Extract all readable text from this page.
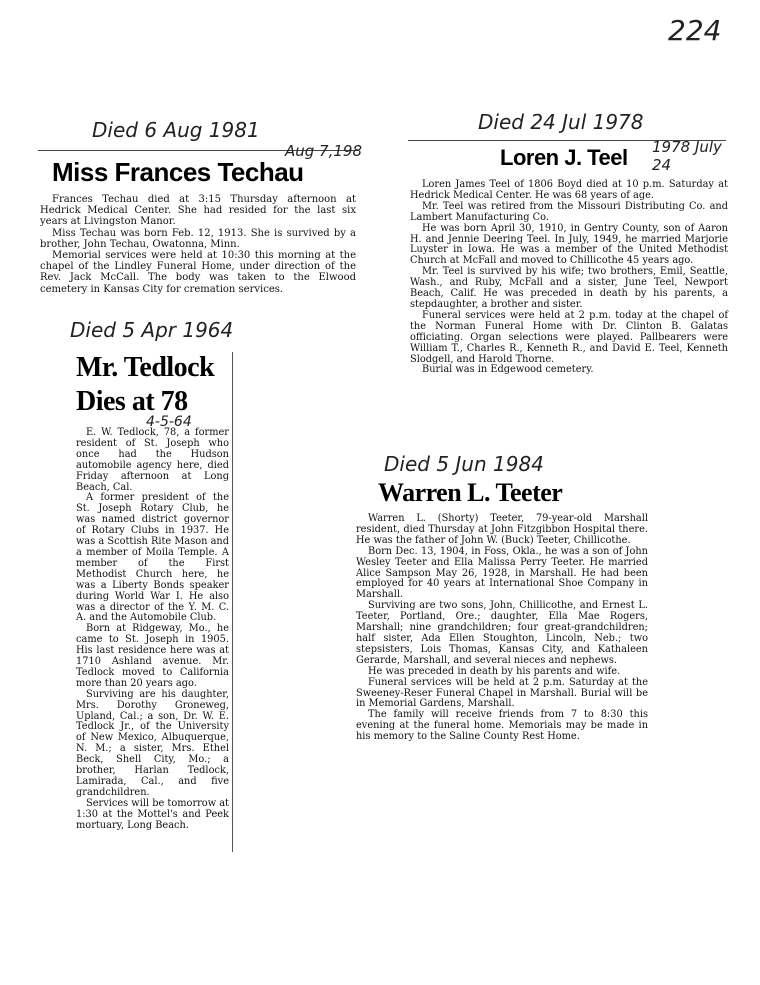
224
Died 6 Aug 1981
Miss Frances Techau
Aug 7,198

Frances Techau died at 3:15 Thursday afternoon at Hedrick Medical Center. She had resided for the last six years at Livingston Manor.

Miss Techau was born Feb. 12, 1913. She is survived by a brother, John Techau, Owatonna, Minn.

Memorial services were held at 10:30 this morning at the chapel of the Lindley Funeral Home, under direction of the Rev. Jack McCall. The body was taken to the Elwood cemetery in Kansas City for cremation services.

Died 24 Jul 1978
Loren J. Teel 1978 July 24

Loren James Teel of 1806 Boyd died at 10 p.m. Saturday at Hedrick Medical Center. He was 68 years of age.

Mr. Teel was retired from the Missouri Distributing Co. and Lambert Manufacturing Co.

He was born April 30, 1910, in Gentry County, son of Aaron H. and Jennie Deering Teel. In July, 1949, he married Marjorie Luyster in Iowa. He was a member of the United Methodist Church at McFall and moved to Chillicothe 45 years ago.

Mr. Teel is survived by his wife; two brothers, Emil, Seattle, Wash., and Ruby, McFall and a sister, June Teel, Newport Beach, Calif. He was preceded in death by his parents, a stepdaughter, a brother and sister.

Funeral services were held at 2 p.m. today at the chapel of the Norman Funeral Home with Dr. Clinton B. Galatas officiating. Organ selections were played. Pallbearers were William T., Charles R., Kenneth R., and David E. Teel, Kenneth Slodgell, and Harold Thorne.

Burial was in Edgewood cemetery.

Died 5 Apr 1964
Mr. Tedlock
Dies at 78
4-5-64

E. W. Tedlock, 78, a former resident of St. Joseph who once had the Hudson automobile agency here, died Friday afternoon at Long Beach, Cal.

A former president of the St. Joseph Rotary Club, he was named district governor of Rotary Clubs in 1937. He was a Scottish Rite Mason and a member of Moila Temple. A member of the First Methodist Church here, he was a Liberty Bonds speaker during World War I. He also was a director of the Y. M. C. A. and the Automobile Club.

Born at Ridgeway, Mo., he came to St. Joseph in 1905. His last residence here was at 1710 Ashland avenue. Mr. Tedlock moved to California more than 20 years ago.

Surviving are his daughter, Mrs. Dorothy Groneweg, Upland, Cal.; a son, Dr. W. E. Tedlock Jr., of the University of New Mexico, Albuquerque, N. M.; a sister, Mrs. Ethel Beck, Shell City, Mo.; a brother, Harlan Tedlock, Lamirada, Cal., and five grandchildren.

Services will be tomorrow at 1:30 at the Mottel's and Peek mortuary, Long Beach.

Died 5 Jun 1984
Warren L. Teeter

Warren L. (Shorty) Teeter, 79-year-old Marshall resident, died Thursday at John Fitzgibbon Hospital there. He was the father of John W. (Buck) Teeter, Chillicothe.

Born Dec. 13, 1904, in Foss, Okla., he was a son of John Wesley Teeter and Ella Malissa Perry Teeter. He married Alice Sampson May 26, 1928, in Marshall. He had been employed for 40 years at International Shoe Company in Marshall.

Surviving are two sons, John, Chillicothe, and Ernest L. Teeter, Portland, Ore.; daughter, Ella Mae Rogers, Marshall; nine grandchildren; four great-grandchildren; half sister, Ada Ellen Stoughton, Lincoln, Neb.; two stepsisters, Lois Thomas, Kansas City, and Kathaleen Gerarde, Marshall, and several nieces and nephews.

He was preceded in death by his parents and wife.

Funeral services will be held at 2 p.m. Saturday at the Sweeney-Reser Funeral Chapel in Marshall. Burial will be in Memorial Gardens, Marshall.

The family will receive friends from 7 to 8:30 this evening at the funeral home. Memorials may be made in his memory to the Saline County Rest Home.
